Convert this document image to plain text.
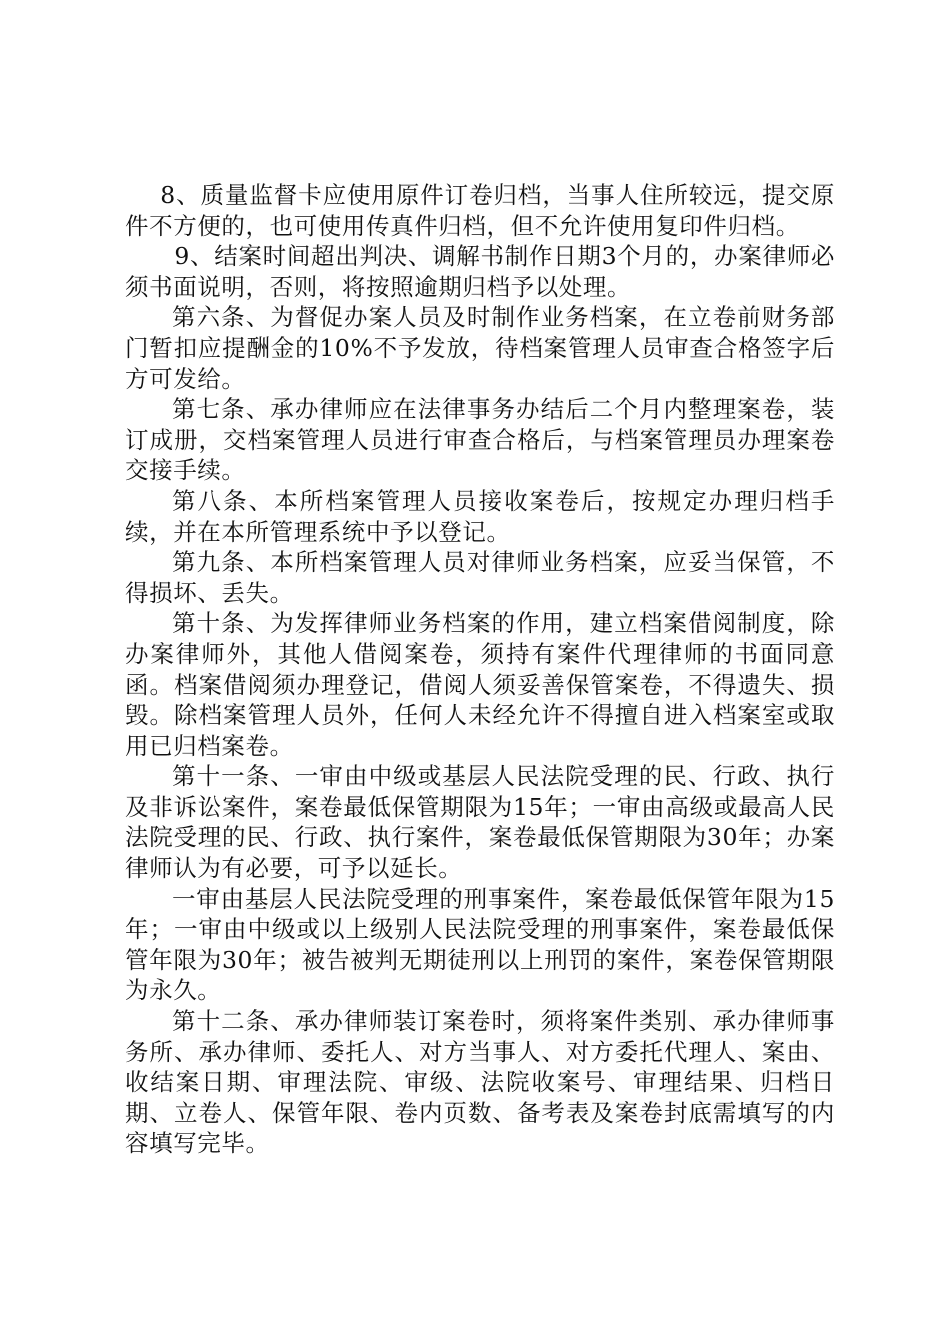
8、质量监督卡应使用原件订卷归档，当事人住所较远，提交原件不方便的，也可使用传真件归档，但不允许使用复印件归档。

9、结案时间超出判决、调解书制作日期3个月的，办案律师必须书面说明，否则，将按照逾期归档予以处理。

第六条、为督促办案人员及时制作业务档案，在立卷前财务部门暂扣应提酬金的10%不予发放，待档案管理人员审查合格签字后方可发给。

第七条、承办律师应在法律事务办结后二个月内整理案卷，装订成册，交档案管理人员进行审查合格后，与档案管理员办理案卷交接手续。

第八条、本所档案管理人员接收案卷后，按规定办理归档手续，并在本所管理系统中予以登记。

第九条、本所档案管理人员对律师业务档案，应妥当保管，不得损坏、丢失。

第十条、为发挥律师业务档案的作用，建立档案借阅制度，除办案律师外，其他人借阅案卷，须持有案件代理律师的书面同意函。档案借阅须办理登记，借阅人须妥善保管案卷，不得遗失、损毁。除档案管理人员外，任何人未经允许不得擅自进入档案室或取用已归档案卷。

第十一条、一审由中级或基层人民法院受理的民、行政、执行及非诉讼案件，案卷最低保管期限为15年；一审由高级或最高人民法院受理的民、行政、执行案件，案卷最低保管期限为30年；办案律师认为有必要，可予以延长。

一审由基层人民法院受理的刑事案件，案卷最低保管年限为15年；一审由中级或以上级别人民法院受理的刑事案件，案卷最低保管年限为30年；被告被判无期徒刑以上刑罚的案件，案卷保管期限为永久。

第十二条、承办律师装订案卷时，须将案件类别、承办律师事务所、承办律师、委托人、对方当事人、对方委托代理人、案由、收结案日期、审理法院、审级、法院收案号、审理结果、归档日期、立卷人、保管年限、卷内页数、备考表及案卷封底需填写的内容填写完毕。
